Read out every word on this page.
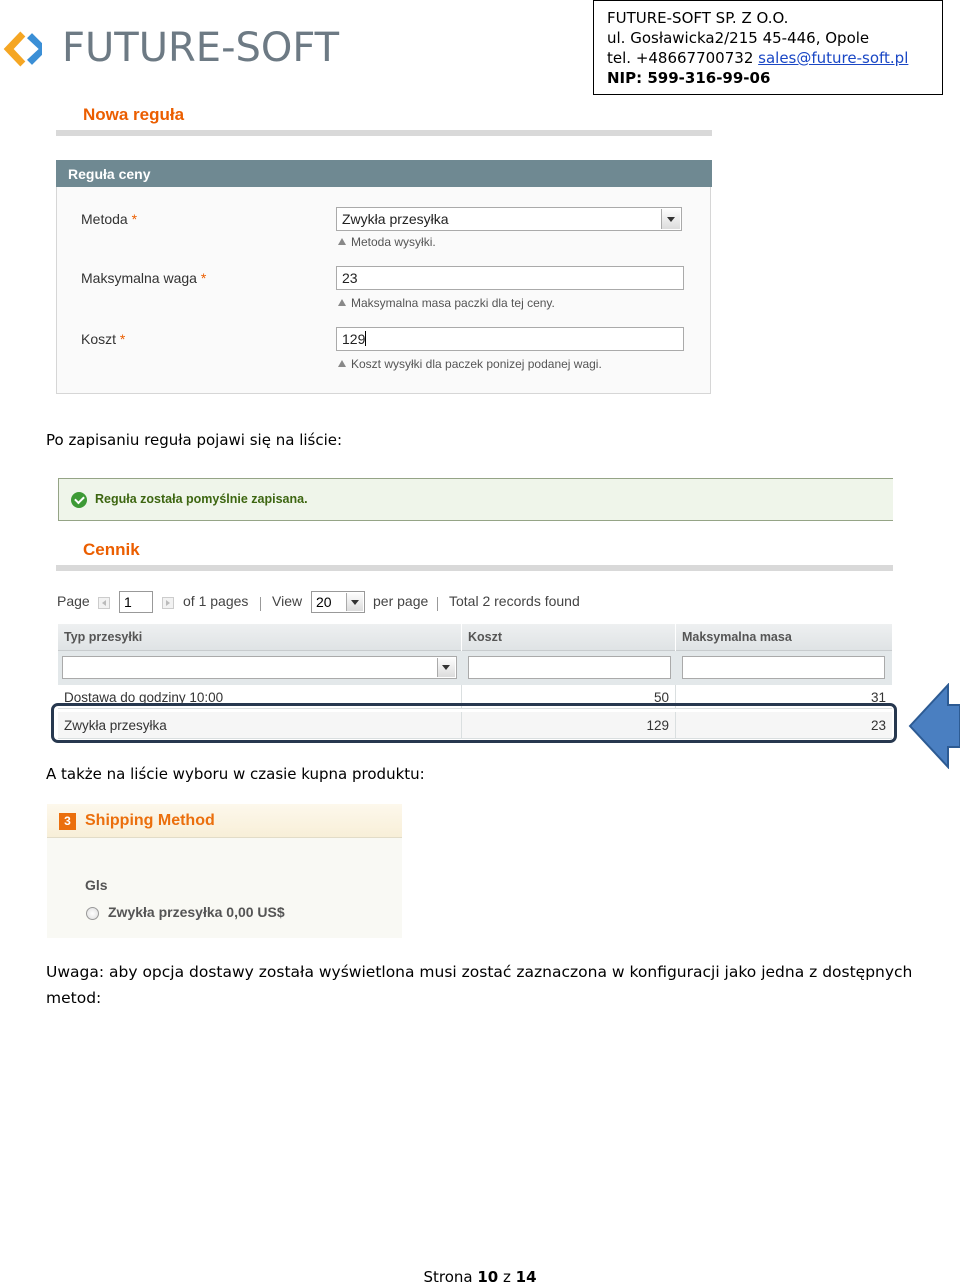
FUTURE-SOFT
FUTURE-SOFT SP. Z O.O.
ul. Gosławicka2/215 45-446, Opole
tel. +48667700732 sales@future-soft.pl
NIP: 599-316-99-06
Nowa reguła
Reguła ceny
Metoda *	Zwykła przesyłka
Metoda wysyłki.
Maksymalna waga *	23
Maksymalna masa paczki dla tej ceny.
Koszt *	129
Koszt wysyłki dla paczek ponizej podanej wagi.
Po zapisaniu reguła pojawi się na liście:
Reguła została pomyślnie zapisana.
Cennik
Page	1	of 1 pages View 20	per page Total 2 records found
Typ przesyłki	Koszt	Maksymalna masa
Dostawa do godziny 10:00	50	31
Zwykła przesyłka	129	23
A także na liście wyboru w czasie kupna produktu:
3 Shipping Method
Gls
Zwykła przesyłka 0,00 US$
Uwaga: aby opcja dostawy została wyświetlona musi zostać zaznaczona w konfiguracji jako jedna z dostępnych metod:
Strona 10 z 14
